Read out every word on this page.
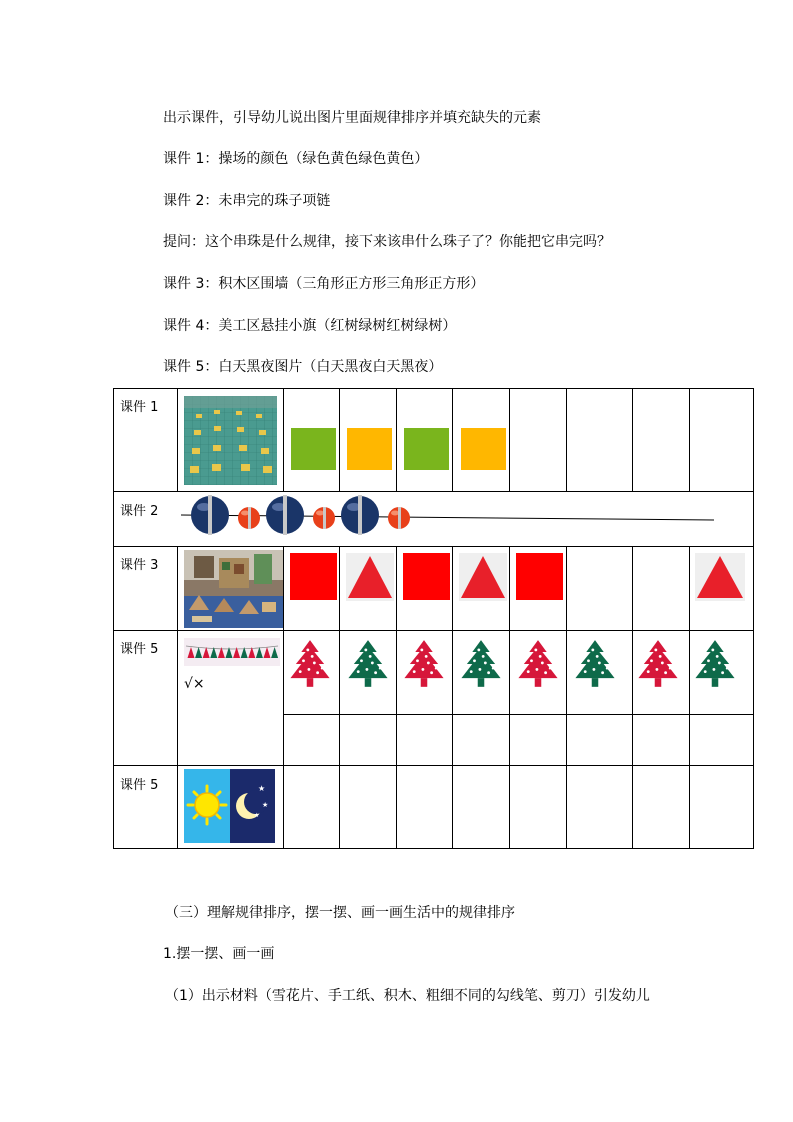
出示课件，引导幼儿说出图片里面规律排序并填充缺失的元素
课件 1：操场的颜色（绿色黄色绿色黄色）
课件 2：未串完的珠子项链
提问：这个串珠是什么规律，接下来该串什么珠子了？你能把它串完吗？
课件 3：积木区围墙（三角形正方形三角形正方形）
课件 4：美工区悬挂小旗（红树绿树红树绿树）
课件 5：白天黑夜图片（白天黑夜白天黑夜）
课件 1
课件 2
课件 3
课件 5
课件 5
√×
★
★
★
（三）理解规律排序，摆一摆、画一画生活中的规律排序
1.摆一摆、画一画
（1）出示材料（雪花片、手工纸、积木、粗细不同的勾线笔、剪刀）引发幼儿
